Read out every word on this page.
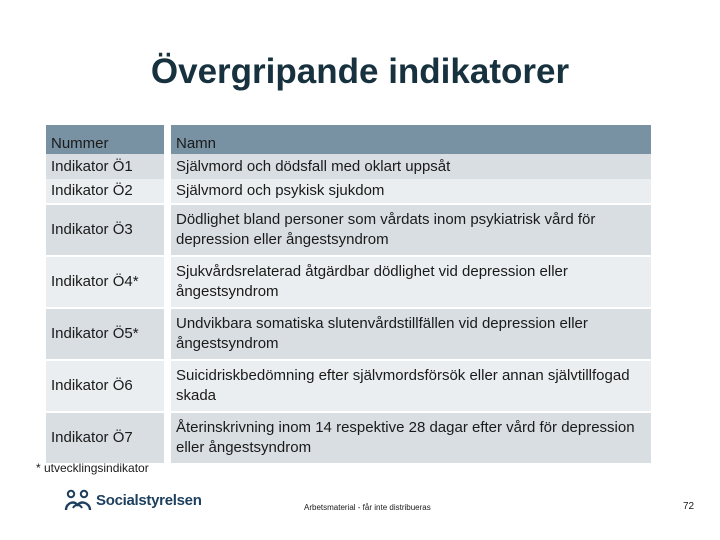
Övergripande indikatorer
Nummer	Namn
Indikator Ö1	Självmord och dödsfall med oklart uppsåt
Indikator Ö2	Självmord och psykisk sjukdom
Indikator Ö3	Dödlighet bland personer som vårdats inom psykiatrisk vård för depression eller ångestsyndrom
Indikator Ö4*	Sjukvårdsrelaterad åtgärdbar dödlighet vid depression eller ångestsyndrom
Indikator Ö5*	Undvikbara somatiska slutenvårdstillfällen vid depression eller ångestsyndrom
Indikator Ö6	Suicidriskbedömning efter självmordsförsök eller annan självtillfogad skada
Indikator Ö7	Återinskrivning inom 14 respektive 28 dagar efter vård för depression eller ångestsyndrom
* utvecklingsindikator
Socialstyrelsen	Arbetsmaterial - får inte distribueras	72
